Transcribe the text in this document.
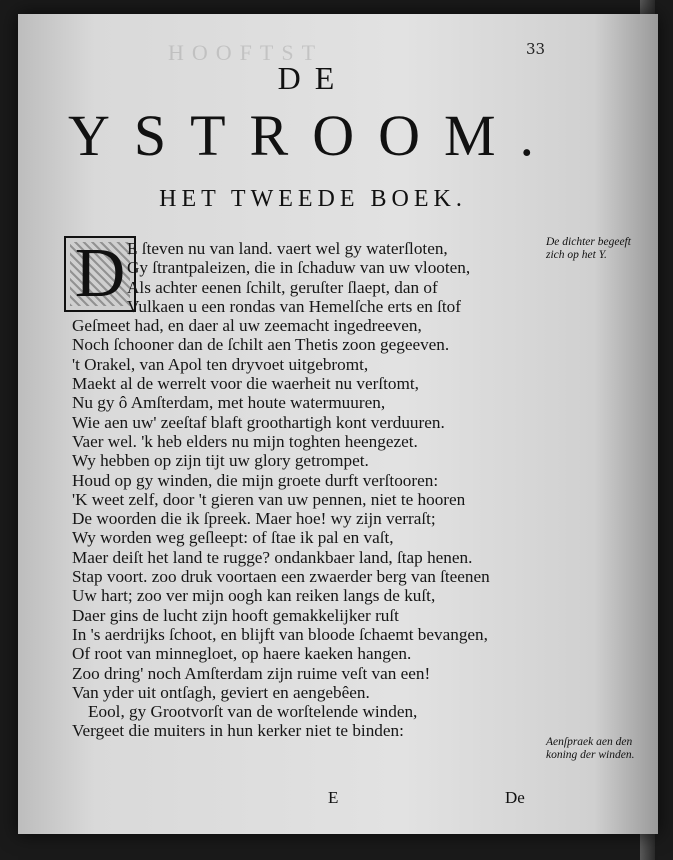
HOOFTST	33
DE
YSTROOM.
HET TWEEDE BOEK.
D E ſteven nu van land. vaert wel gy waterſloten,
Gy ſtrantpaleizen, die in ſchaduw van uw vlooten,
Als achter eenen ſchilt, geruſter ſlaept, dan of
Vulkaen u een rondas van Hemelſche erts en ſtof
Geſmeet had, en daer al uw zeemacht ingedreeven,
Noch ſchooner dan de ſchilt aen Thetis zoon gegeeven.
't Orakel, van Apol ten dryvoet uitgebromt,
Maekt al de werrelt voor die waerheit nu verſtomt,
Nu gy ô Amſterdam, met houte watermuuren,
Wie aen uw' zeeſtaf blaft groothartigh kont verduuren.
Vaer wel. 'k heb elders nu mijn toghten heengezet.
Wy hebben op zijn tijt uw glory getrompet.
Houd op gy winden, die mijn groete durft verſtooren:
'K weet zelf, door 't gieren van uw pennen, niet te hooren
De woorden die ik ſpreek. Maer hoe! wy zijn verraſt;
Wy worden weg geſleept: of ſtae ik pal en vaſt,
Maer deiſt het land te rugge? ondankbaer land, ſtap henen.
Stap voort. zoo druk voortaen een zwaerder berg van ſteenen
Uw hart; zoo ver mijn oogh kan reiken langs de kuſt,
Daer gins de lucht zijn hooft gemakkelijker ruſt
In 's aerdrijks ſchoot, en blijft van bloode ſchaemt bevangen,
Of root van minnegloet, op haere kaeken hangen.
Zoo dring' noch Amſterdam zijn ruime veſt van een!
Van yder uit ontſagh, geviert en aengebêen.
Eool, gy Grootvorſt van de worſtelende winden,
Vergeet die muiters in hun kerker niet te binden:
De dichter begeeft zich op het Y.
Aenſpraek aen den koning der winden.
E	De
